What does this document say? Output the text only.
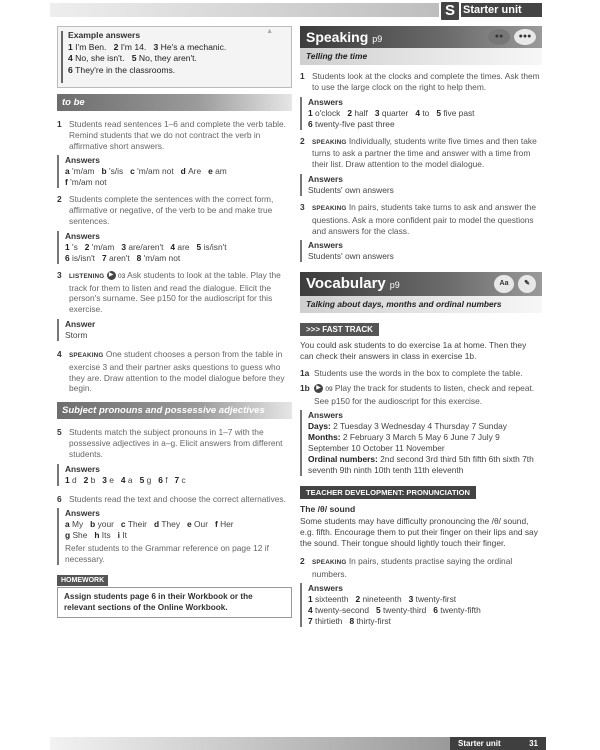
S Starter unit
▲
Example answers
1 I'm Ben.   2 I'm 14.   3 He's a mechanic.
4 No, she isn't.   5 No, they aren't.
6 They're in the classrooms.
to be
1 Students read sentences 1–6 and complete the verb table. Remind students that we do not contract the verb in affirmative short answers.
Answers
a 'm/am   b 's/is   c 'm/am not   d Are   e am
f 'm/am not
2 Students complete the sentences with the correct form, affirmative or negative, of the verb to be and make true sentences.
Answers
1 's   2 'm/am   3 are/aren't   4 are   5 is/isn't
6 is/isn't   7 aren't   8 'm/am not
3	LISTENING ▶ 03 Ask students to look at the table. Play the track for them to listen and read the dialogue. Elicit the person's surname. See p150 for the audioscript for this exercise.
Answer
Storm
4	SPEAKING One student chooses a person from the table in exercise 3 and their partner asks questions to guess who they are. Draw attention to the model dialogue before they begin.
Subject pronouns and possessive adjectives
5 Students match the subject pronouns in 1–7 with the possessive adjectives in a–g. Elicit answers from different students.
Answers
1 d   2 b   3 e   4 a   5 g   6 f   7 c
6 Students read the text and choose the correct alternatives.
Answers
a My   b your   c Their   d They   e Our   f Her
g She   h Its   i It
Refer students to the Grammar reference on page 12 if necessary.
HOMEWORK
Assign students page 6 in their Workbook or the relevant sections of the Online Workbook.
Speaking p9	●●	●●●
Telling the time
1 Students look at the clocks and complete the times. Ask them to use the large clock on the right to help them.
Answers
1 o'clock   2 half   3 quarter   4 to   5 five past
6 twenty-five past three
2	SPEAKING Individually, students write five times and then take turns to ask a partner the time and answer with a time from their list. Draw attention to the model dialogue.
Answers
Students' own answers
3	SPEAKING In pairs, students take turns to ask and answer the questions. Ask a more confident pair to model the questions and answers for the class.
Answers
Students' own answers
Vocabulary p9	Aa	✎
Talking about days, months and ordinal numbers
>>> FAST TRACK
You could ask students to do exercise 1a at home. Then they can check their answers in class in exercise 1b.
1a Students use the words in the box to complete the table.
1b	▶ 09 Play the track for students to listen, check and repeat. See p150 for the audioscript for this exercise.
Answers
Days: 2 Tuesday 3 Wednesday 4 Thursday 7 Sunday
Months: 2 February 3 March 5 May 6 June 7 July 9 September 10 October 11 November
Ordinal numbers: 2nd second 3rd third 5th fifth 6th sixth 7th seventh 9th ninth 10th tenth 11th eleventh
TEACHER DEVELOPMENT: PRONUNCIATION
The /θ/ sound
Some students may have difficulty pronouncing the /θ/ sound, e.g. fifth. Encourage them to put their finger on their lips and say the sound. Their tongue should lightly touch their finger.
2	SPEAKING In pairs, students practise saying the ordinal numbers.
Answers
1 sixteenth   2 nineteenth   3 twenty-first
4 twenty-second   5 twenty-third   6 twenty-fifth
7 thirtieth   8 thirty-first
Starter unit	31
